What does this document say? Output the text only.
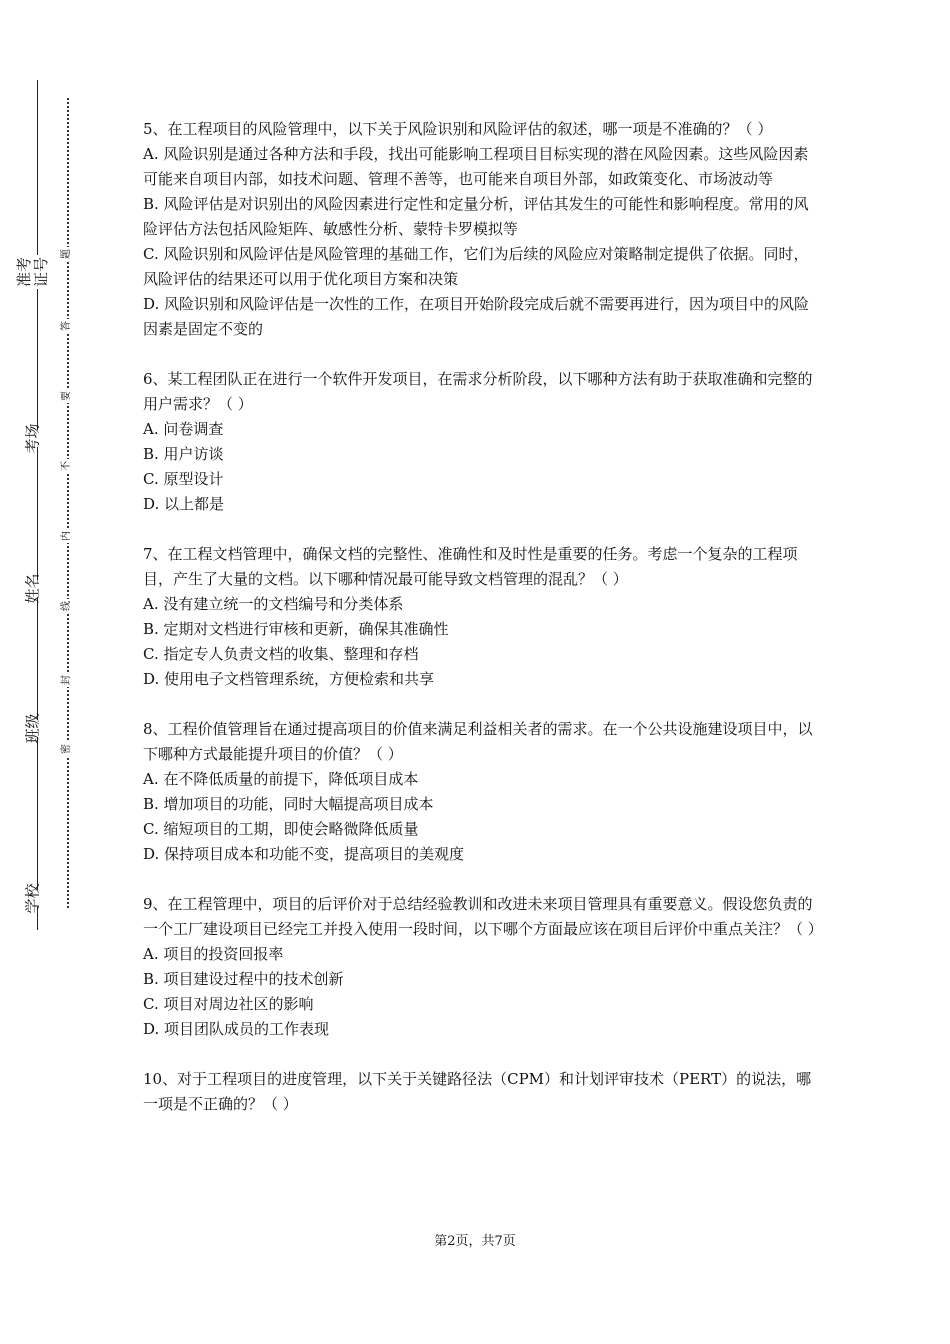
准考证号
考场
姓名
班级
学校
题
答
要
不
内
线
封
密

5、在工程项目的风险管理中，以下关于风险识别和风险评估的叙述，哪一项是不准确的？（ ）

A. 风险识别是通过各种方法和手段，找出可能影响工程项目目标实现的潜在风险因素。这些风险因素可能来自项目内部，如技术问题、管理不善等，也可能来自项目外部，如政策变化、市场波动等

B. 风险评估是对识别出的风险因素进行定性和定量分析，评估其发生的可能性和影响程度。常用的风险评估方法包括风险矩阵、敏感性分析、蒙特卡罗模拟等

C. 风险识别和风险评估是风险管理的基础工作，它们为后续的风险应对策略制定提供了依据。同时，风险评估的结果还可以用于优化项目方案和决策

D. 风险识别和风险评估是一次性的工作，在项目开始阶段完成后就不需要再进行，因为项目中的风险因素是固定不变的

6、某工程团队正在进行一个软件开发项目，在需求分析阶段，以下哪种方法有助于获取准确和完整的用户需求？（ ）

A. 问卷调查

B. 用户访谈

C. 原型设计

D. 以上都是

7、在工程文档管理中，确保文档的完整性、准确性和及时性是重要的任务。考虑一个复杂的工程项目，产生了大量的文档。以下哪种情况最可能导致文档管理的混乱？（ ）

A. 没有建立统一的文档编号和分类体系

B. 定期对文档进行审核和更新，确保其准确性

C. 指定专人负责文档的收集、整理和存档

D. 使用电子文档管理系统，方便检索和共享

8、工程价值管理旨在通过提高项目的价值来满足利益相关者的需求。在一个公共设施建设项目中，以下哪种方式最能提升项目的价值？（ ）

A. 在不降低质量的前提下，降低项目成本

B. 增加项目的功能，同时大幅提高项目成本

C. 缩短项目的工期，即使会略微降低质量

D. 保持项目成本和功能不变，提高项目的美观度

9、在工程管理中，项目的后评价对于总结经验教训和改进未来项目管理具有重要意义。假设您负责的一个工厂建设项目已经完工并投入使用一段时间，以下哪个方面最应该在项目后评价中重点关注？（ ）

A. 项目的投资回报率

B. 项目建设过程中的技术创新

C. 项目对周边社区的影响

D. 项目团队成员的工作表现

10、对于工程项目的进度管理，以下关于关键路径法（CPM）和计划评审技术（PERT）的说法，哪一项是不正确的？（ ）

第2页，共7页
